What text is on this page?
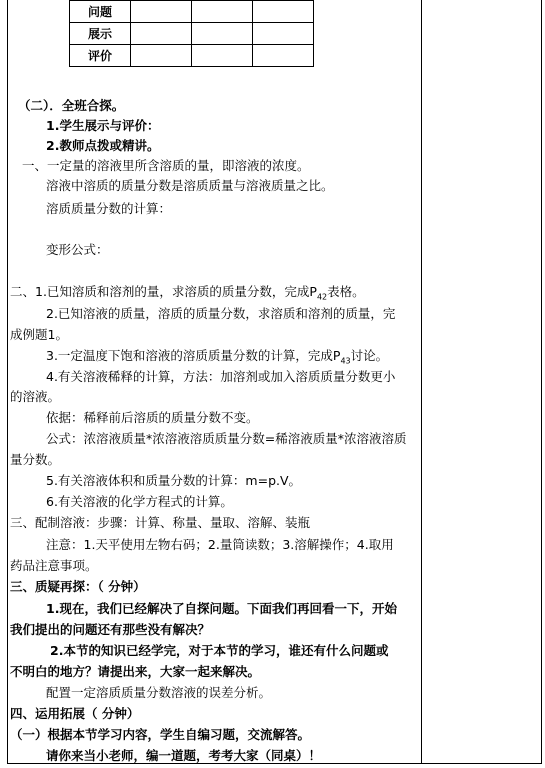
问题			
展示			
评价			
（二）．全班合探。
1.学生展示与评价：
2.教师点拨或精讲。
一、一定量的溶液里所含溶质的量，即溶液的浓度。
溶液中溶质的质量分数是溶质质量与溶液质量之比。
溶质质量分数的计算：
变形公式：
二、1.已知溶质和溶剂的量，求溶质的质量分数，完成$P_{42}$表格。
2.已知溶液的质量，溶质的质量分数，求溶质和溶剂的质量，完
成例题1。
3.一定温度下饱和溶液的溶质质量分数的计算，完成$P_{43}$讨论。
4.有关溶液稀释的计算，方法：加溶剂或加入溶质质量分数更小
的溶液。
依据：稀释前后溶质的质量分数不变。
公式：浓溶液质量*浓溶液溶质质量分数=稀溶液质量*浓溶液溶质
量分数。
5.有关溶液体积和质量分数的计算：m=p.V。
6.有关溶液的化学方程式的计算。
三、配制溶液：步骤：计算、称量、量取、溶解、装瓶
注意：1.天平使用左物右码；2.量筒读数；3.溶解操作；4.取用
药品注意事项。
三、质疑再探：（ 分钟）
1.现在，我们已经解决了自探问题。下面我们再回看一下，开始
我们提出的问题还有那些没有解决？
2.本节的知识已经学完，对于本节的学习，谁还有什么问题或
不明白的地方？请提出来，大家一起来解决。
配置一定溶质质量分数溶液的误差分析。
四、运用拓展（ 分钟）
（一）根据本节学习内容，学生自编习题，交流解答。
请你来当小老师，编一道题，考考大家（同桌）！
